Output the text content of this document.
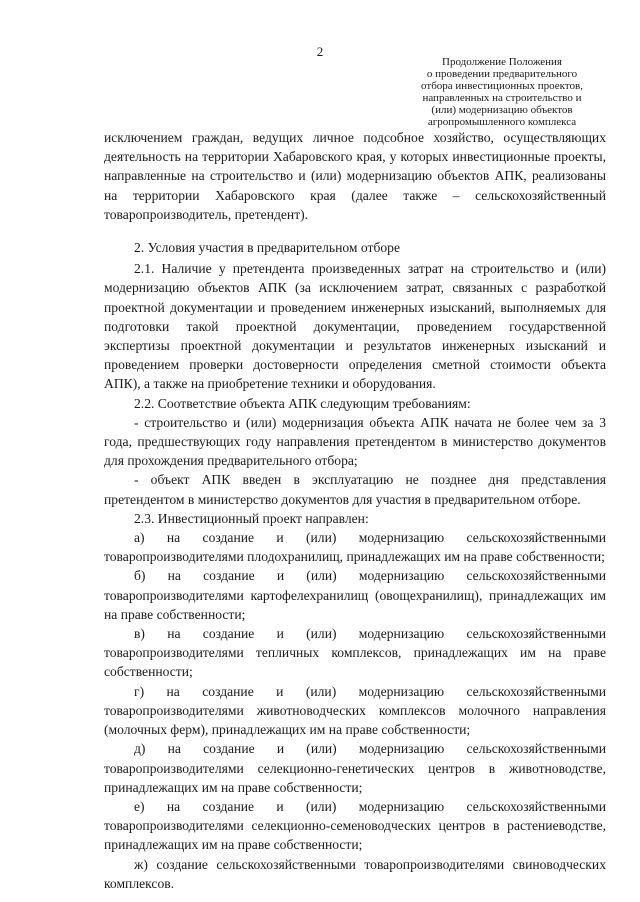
2
Продолжение Положения
о проведении предварительного
отбора инвестиционных проектов,
направленных на строительство и
(или) модернизацию объектов
агропромышленного комплекса

исключением граждан, ведущих личное подсобное хозяйство, осуществляющих деятельность на территории Хабаровского края, у которых инвестиционные проекты, направленные на строительство и (или) модернизацию объектов АПК, реализованы на территории Хабаровского края (далее также – сельскохозяйственный товаропроизводитель, претендент).

2. Условия участия в предварительном отборе

2.1. Наличие у претендента произведенных затрат на строительство и (или) модернизацию объектов АПК (за исключением затрат, связанных с разработкой проектной документации и проведением инженерных изысканий, выполняемых для подготовки такой проектной документации, проведением государственной экспертизы проектной документации и результатов инженерных изысканий и проведением проверки достоверности определения сметной стоимости объекта АПК), а также на приобретение техники и оборудования.

2.2. Соответствие объекта АПК следующим требованиям:

- строительство и (или) модернизация объекта АПК начата не более чем за 3 года, предшествующих году направления претендентом в министерство документов для прохождения предварительного отбора;

- объект АПК введен в эксплуатацию не позднее дня представления претендентом в министерство документов для участия в предварительном отборе.

2.3. Инвестиционный проект направлен:

а) на создание и (или) модернизацию сельскохозяйственными товаропроизводителями плодохранилищ, принадлежащих им на праве собственности;

б) на создание и (или) модернизацию сельскохозяйственными товаропроизводителями картофелехранилищ (овощехранилищ), принадлежащих им на праве собственности;

в) на создание и (или) модернизацию сельскохозяйственными товаропроизводителями тепличных комплексов, принадлежащих им на праве собственности;

г) на создание и (или) модернизацию сельскохозяйственными товаропроизводителями животноводческих комплексов молочного направления (молочных ферм), принадлежащих им на праве собственности;

д) на создание и (или) модернизацию сельскохозяйственными товаропроизводителями селекционно-генетических центров в животноводстве, принадлежащих им на праве собственности;

е) на создание и (или) модернизацию сельскохозяйственными товаропроизводителями селекционно-семеноводческих центров в растениеводстве, принадлежащих им на праве собственности;

ж) создание сельскохозяйственными товаропроизводителями свиноводческих комплексов.
